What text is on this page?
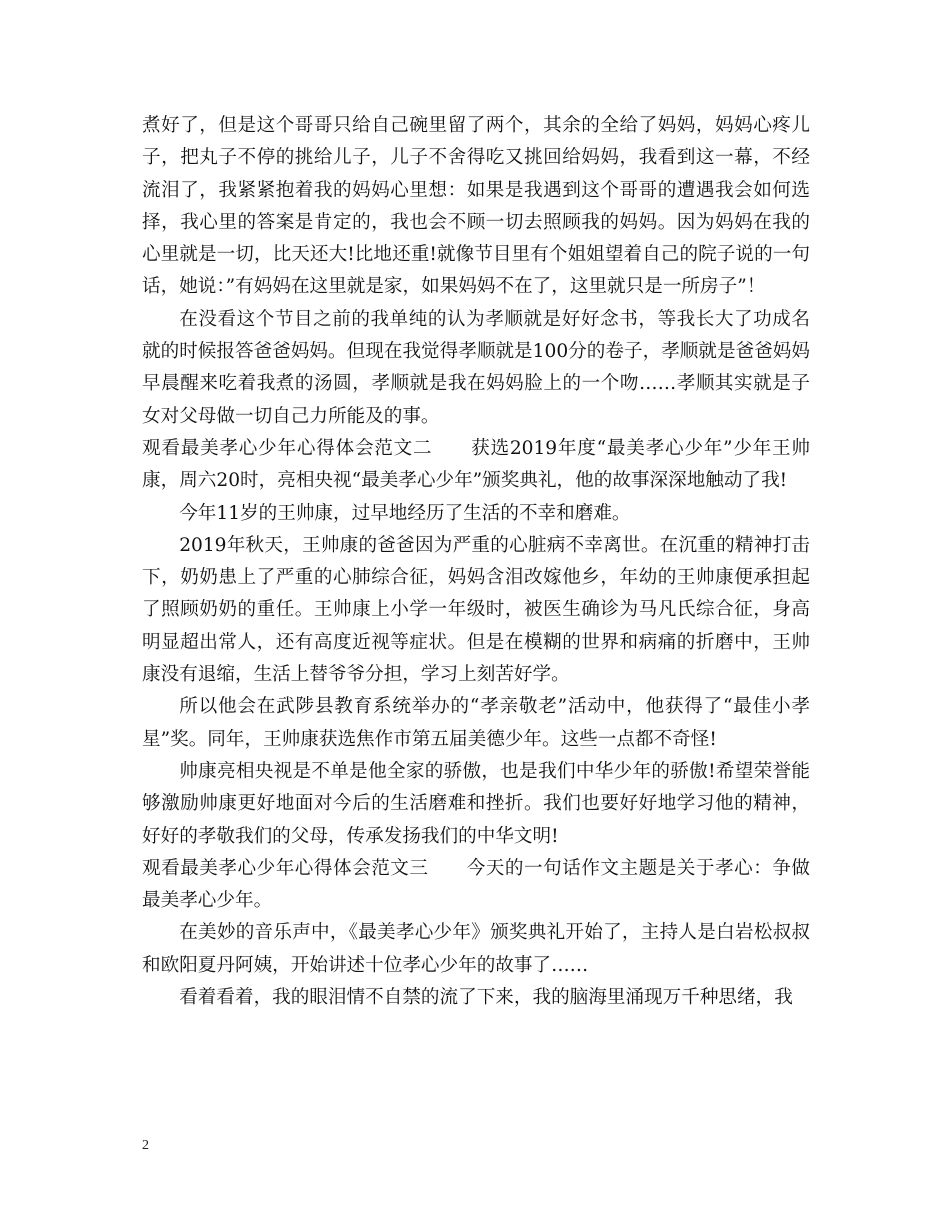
煮好了，但是这个哥哥只给自己碗里留了两个，其余的全给了妈妈，妈妈心疼儿子，把丸子不停的挑给儿子，儿子不舍得吃又挑回给妈妈，我看到这一幕，不经流泪了，我紧紧抱着我的妈妈心里想：如果是我遇到这个哥哥的遭遇我会如何选择，我心里的答案是肯定的，我也会不顾一切去照顾我的妈妈。因为妈妈在我的心里就是一切，比天还大!比地还重!就像节目里有个姐姐望着自己的院子说的一句话，她说：”有妈妈在这里就是家，如果妈妈不在了，这里就只是一所房子”！

在没看这个节目之前的我单纯的认为孝顺就是好好念书，等我长大了功成名就的时候报答爸爸妈妈。但现在我觉得孝顺就是100分的卷子，孝顺就是爸爸妈妈早晨醒来吃着我煮的汤圆，孝顺就是我在妈妈脸上的一个吻……孝顺其实就是子女对父母做一切自己力所能及的事。

观看最美孝心少年心得体会范文二　　获选2019年度“最美孝心少年”少年王帅康，周六20时，亮相央视“最美孝心少年”颁奖典礼，他的故事深深地触动了我!

今年11岁的王帅康，过早地经历了生活的不幸和磨难。

2019年秋天，王帅康的爸爸因为严重的心脏病不幸离世。在沉重的精神打击下，奶奶患上了严重的心肺综合征，妈妈含泪改嫁他乡，年幼的王帅康便承担起了照顾奶奶的重任。王帅康上小学一年级时，被医生确诊为马凡氏综合征，身高明显超出常人，还有高度近视等症状。但是在模糊的世界和病痛的折磨中，王帅康没有退缩，生活上替爷爷分担，学习上刻苦好学。

所以他会在武陟县教育系统举办的“孝亲敬老”活动中，他获得了“最佳小孝星”奖。同年，王帅康获选焦作市第五届美德少年。这些一点都不奇怪!

帅康亮相央视是不单是他全家的骄傲，也是我们中华少年的骄傲!希望荣誉能够激励帅康更好地面对今后的生活磨难和挫折。我们也要好好地学习他的精神，好好的孝敬我们的父母，传承发扬我们的中华文明!

观看最美孝心少年心得体会范文三　　今天的一句话作文主题是关于孝心：争做最美孝心少年。

在美妙的音乐声中，《最美孝心少年》颁奖典礼开始了，主持人是白岩松叔叔和欧阳夏丹阿姨，开始讲述十位孝心少年的故事了……

看着看着，我的眼泪情不自禁的流了下来，我的脑海里涌现万千种思绪，我

2
